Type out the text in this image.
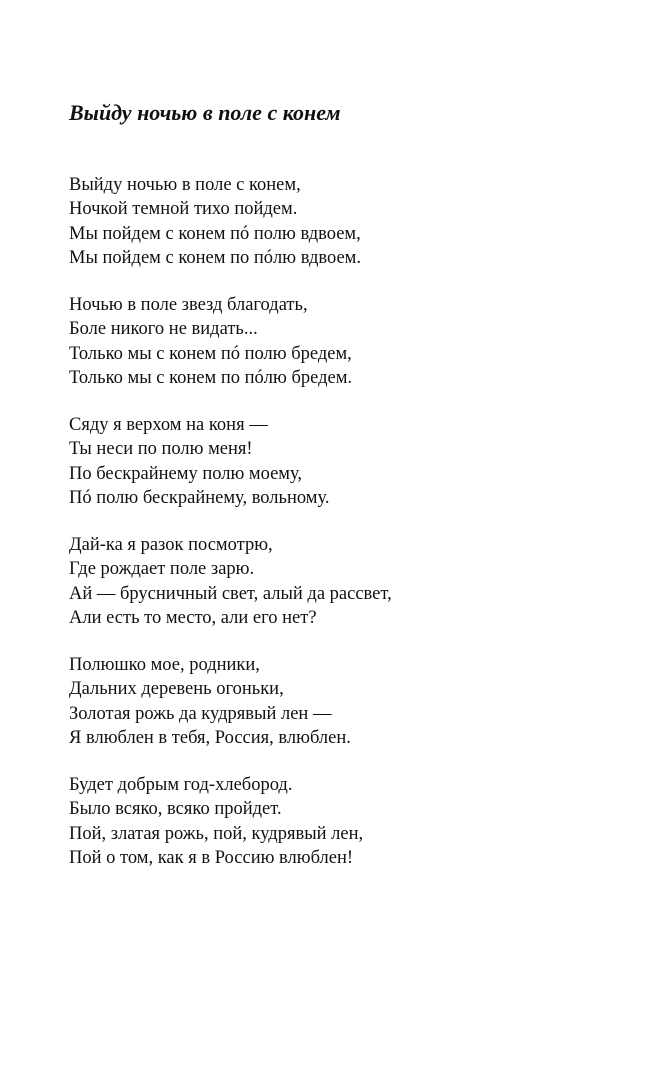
Выйду ночью в поле с конем
Выйду ночью в поле с конем,
Ночкой темной тихо пойдем.
Мы пойдем с конем пó полю вдвоем,
Мы пойдем с конем по пóлю вдвоем.
Ночью в поле звезд благодать,
Боле никого не видать...
Только мы с конем пó полю бредем,
Только мы с конем по пóлю бредем.
Сяду я верхом на коня —
Ты неси по полю меня!
По бескрайнему полю моему,
Пó полю бескрайнему, вольному.
Дай-ка я разок посмотрю,
Где рождает поле зарю.
Ай — брусничный свет, алый да рассвет,
Али есть то место, али его нет?
Полюшко мое, родники,
Дальних деревень огоньки,
Золотая рожь да кудрявый лен —
Я влюблен в тебя, Россия, влюблен.
Будет добрым год-хлебород.
Было всяко, всяко пройдет.
Пой, златая рожь, пой, кудрявый лен,
Пой о том, как я в Россию влюблен!
